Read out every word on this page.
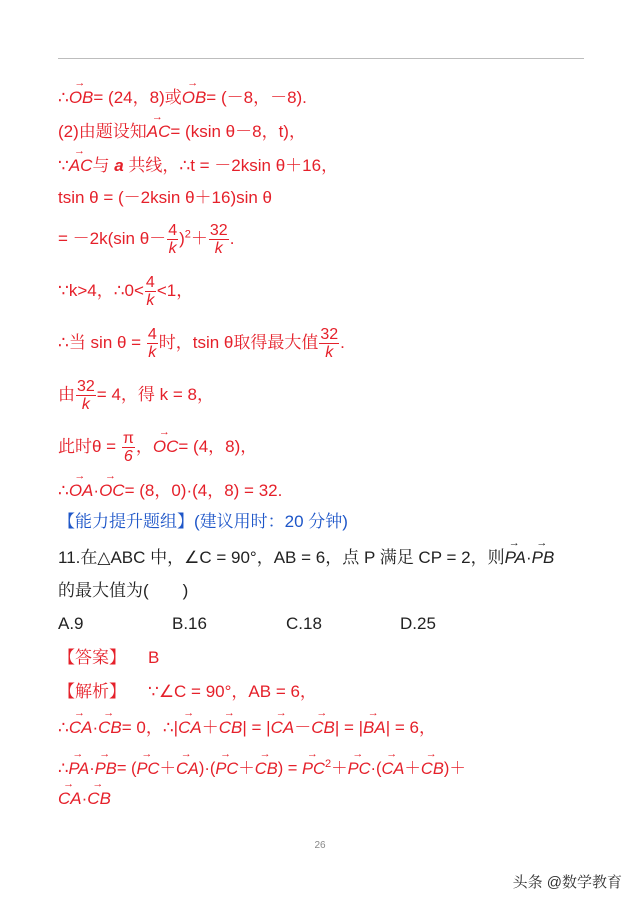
∴OB →= (24，8)或OB →= (－8，－8).
(2)由题设知AC →= (ksin θ－8，t)，
∵AC →与 a 共线，∴t = －2ksin θ＋16，
tsin θ = (－2ksin θ＋16)sin θ
= －2k(sin $\theta- \frac{4}{k} )^2+ \frac{32}{k}$ .
∵k>4，∴0< $\frac{4}{k} <1$，
∴当 $\sin \theta = \frac{4}{k}$ 时，tsin θ取得最大值 $\frac{32}{k}$ .
由 $\frac{32}{k} = 4$，得 k = 8，
此时$\theta = \frac{\pi}{6}$ ，OC →= (4，8)，
∴OA →·OC →= (8，0)·(4，8) = 32.
【能力提升题组】(建议用时：20 分钟)
11.在△ABC 中，∠C = 90°，AB = 6，点 P 满足 CP = 2，则PA →·PB →
的最大值为(　　)
A.9	B.16	C.18	D.25
【答案】 B
【解析】 ∵∠C = 90°，AB = 6，
∴CA →·CB →= 0，∴|CA →＋CB →| = |CA →－CB →| = |BA →| = 6，
∴PA →·PB →= (PC →＋CA →)·(PC →＋CB →) = PC →$^2$＋PC →·(CA →＋CB →)＋
CA →·CB →
26
头条 @数学教育
